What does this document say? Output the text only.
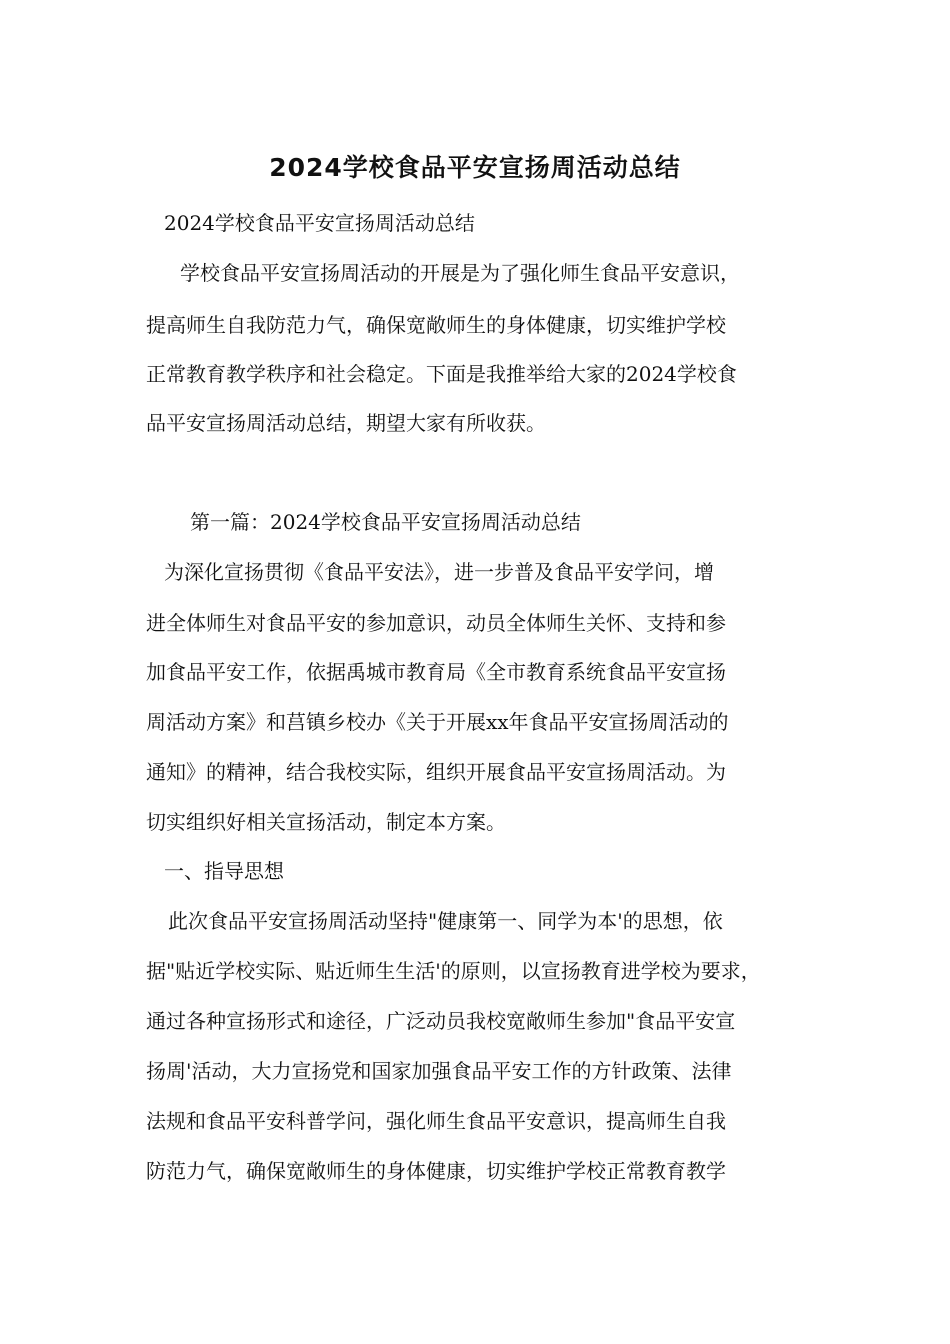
2024学校食品平安宣扬周活动总结
2024学校食品平安宣扬周活动总结
学校食品平安宣扬周活动的开展是为了强化师生食品平安意识，
提高师生自我防范力气，确保宽敞师生的身体健康，切实维护学校
正常教育教学秩序和社会稳定。下面是我推举给大家的2024学校食
品平安宣扬周活动总结，期望大家有所收获。
第一篇：2024学校食品平安宣扬周活动总结
为深化宣扬贯彻《食品平安法》，进一步普及食品平安学问，增
进全体师生对食品平安的参加意识，动员全体师生关怀、支持和参
加食品平安工作，依据禹城市教育局《全市教育系统食品平安宣扬
周活动方案》和莒镇乡校办《关于开展xx年食品平安宣扬周活动的
通知》的精神，结合我校实际，组织开展食品平安宣扬周活动。为
切实组织好相关宣扬活动，制定本方案。
一、指导思想
此次食品平安宣扬周活动坚持"健康第一、同学为本'的思想，依
据"贴近学校实际、贴近师生生活'的原则，以宣扬教育进学校为要求，
通过各种宣扬形式和途径，广泛动员我校宽敞师生参加"食品平安宣
扬周'活动，大力宣扬党和国家加强食品平安工作的方针政策、法律
法规和食品平安科普学问，强化师生食品平安意识，提高师生自我
防范力气，确保宽敞师生的身体健康，切实维护学校正常教育教学
